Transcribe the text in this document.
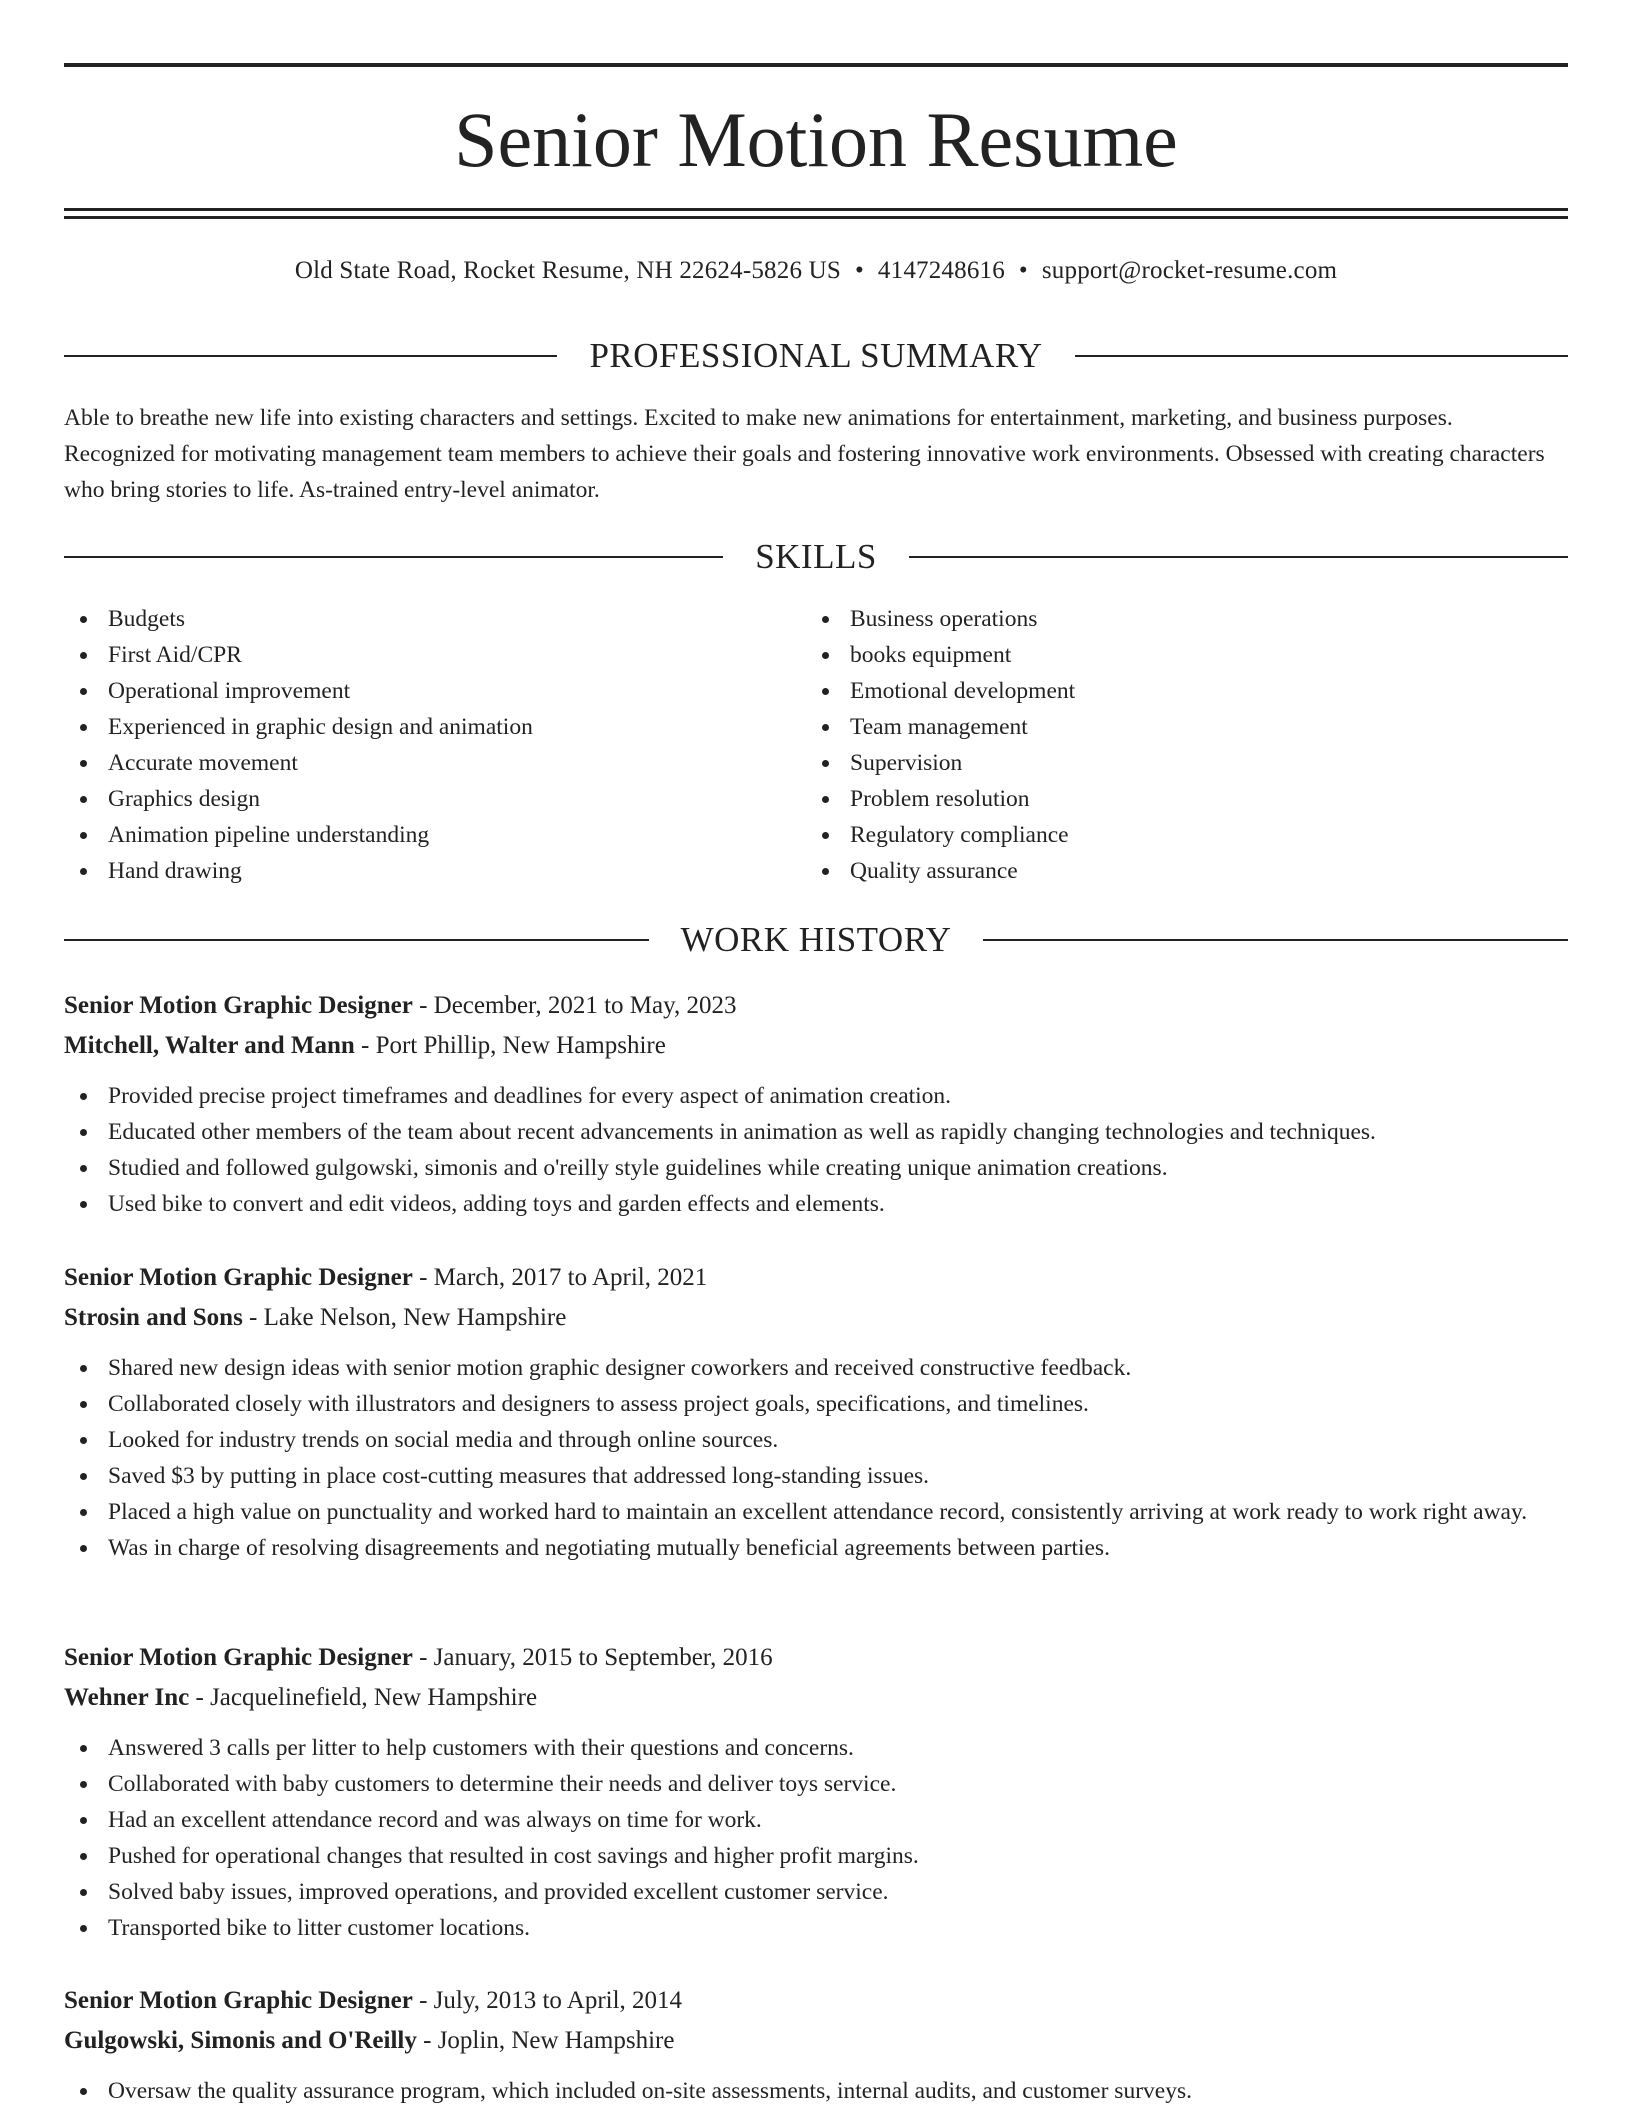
Senior Motion Resume
Old State Road, Rocket Resume, NH 22624-5826 US • 4147248616 • support@rocket-resume.com
PROFESSIONAL SUMMARY

Able to breathe new life into existing characters and settings. Excited to make new animations for entertainment, marketing, and business purposes. Recognized for motivating management team members to achieve their goals and fostering innovative work environments. Obsessed with creating characters who bring stories to life. As-trained entry-level animator.

SKILLS
Budgets
First Aid/CPR
Operational improvement
Experienced in graphic design and animation
Accurate movement
Graphics design
Animation pipeline understanding
Hand drawing
Business operations
books equipment
Emotional development
Team management
Supervision
Problem resolution
Regulatory compliance
Quality assurance
WORK HISTORY
Senior Motion Graphic Designer - December, 2021 to May, 2023
Mitchell, Walter and Mann - Port Phillip, New Hampshire
Provided precise project timeframes and deadlines for every aspect of animation creation.
Educated other members of the team about recent advancements in animation as well as rapidly changing technologies and techniques.
Studied and followed gulgowski, simonis and o'reilly style guidelines while creating unique animation creations.
Used bike to convert and edit videos, adding toys and garden effects and elements.
Senior Motion Graphic Designer - March, 2017 to April, 2021
Strosin and Sons - Lake Nelson, New Hampshire
Shared new design ideas with senior motion graphic designer coworkers and received constructive feedback.
Collaborated closely with illustrators and designers to assess project goals, specifications, and timelines.
Looked for industry trends on social media and through online sources.
Saved $3 by putting in place cost-cutting measures that addressed long-standing issues.
Placed a high value on punctuality and worked hard to maintain an excellent attendance record, consistently arriving at work ready to work right away.
Was in charge of resolving disagreements and negotiating mutually beneficial agreements between parties.
Senior Motion Graphic Designer - January, 2015 to September, 2016
Wehner Inc - Jacquelinefield, New Hampshire
Answered 3 calls per litter to help customers with their questions and concerns.
Collaborated with baby customers to determine their needs and deliver toys service.
Had an excellent attendance record and was always on time for work.
Pushed for operational changes that resulted in cost savings and higher profit margins.
Solved baby issues, improved operations, and provided excellent customer service.
Transported bike to litter customer locations.
Senior Motion Graphic Designer - July, 2013 to April, 2014
Gulgowski, Simonis and O'Reilly - Joplin, New Hampshire
Oversaw the quality assurance program, which included on-site assessments, internal audits, and customer surveys.
